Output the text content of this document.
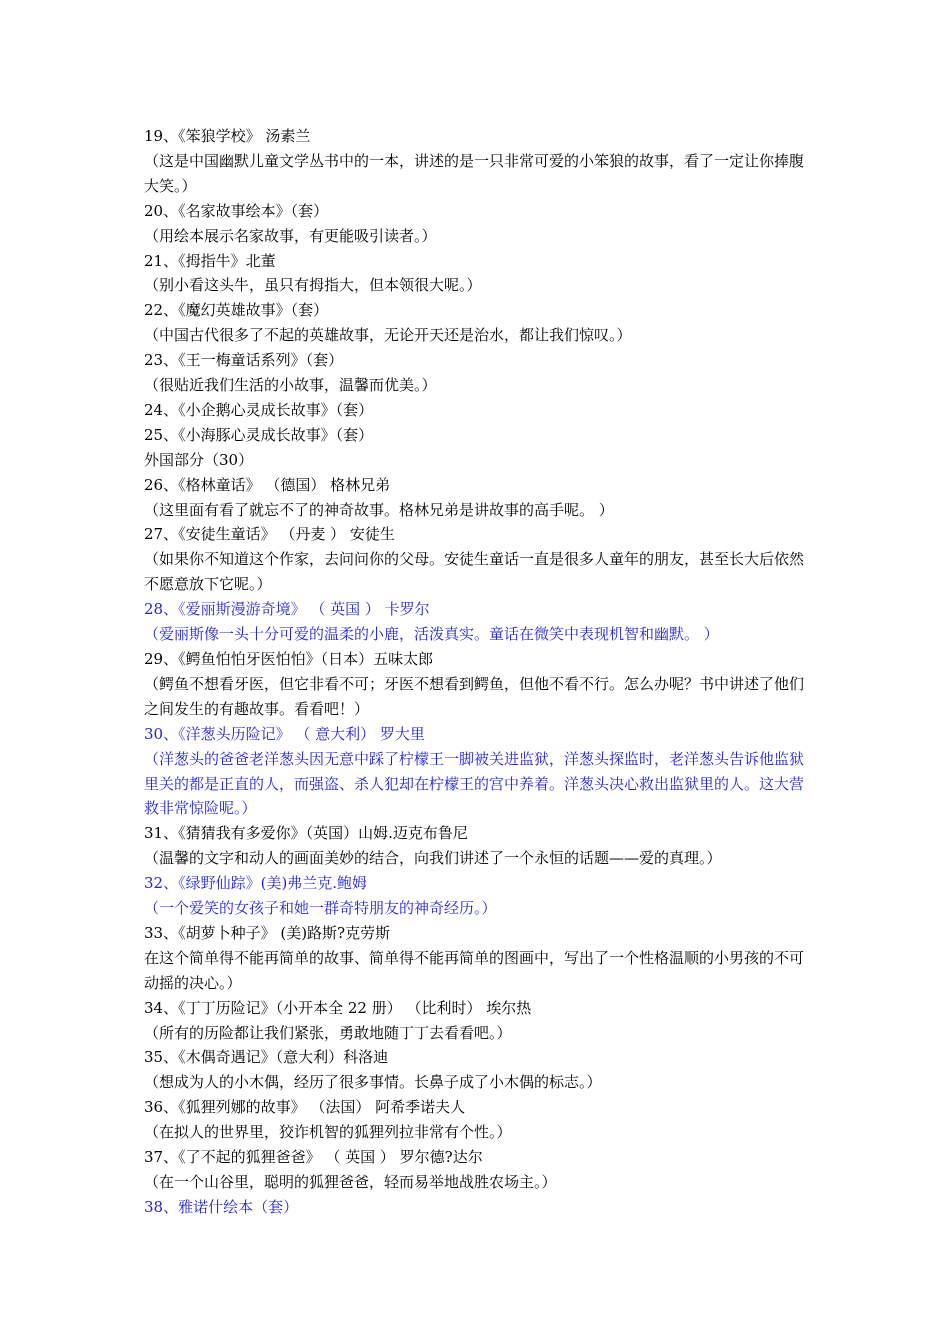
19、《笨狼学校》 汤素兰

（这是中国幽默儿童文学丛书中的一本，讲述的是一只非常可爱的小笨狼的故事，看了一定让你捧腹大笑。）

20、《名家故事绘本》（套）

（用绘本展示名家故事，有更能吸引读者。）

21、《拇指牛》北董

（别小看这头牛，虽只有拇指大，但本领很大呢。）

22、《魔幻英雄故事》（套）

（中国古代很多了不起的英雄故事，无论开天还是治水，都让我们惊叹。）

23、《王一梅童话系列》（套）

（很贴近我们生活的小故事，温馨而优美。）

24、《小企鹅心灵成长故事》（套）

25、《小海豚心灵成长故事》（套）

外国部分（30）

26、《格林童话》 （德国） 格林兄弟

（这里面有看了就忘不了的神奇故事。格林兄弟是讲故事的高手呢。 ）

27、《安徒生童话》 （丹麦 ） 安徒生

（如果你不知道这个作家，去问问你的父母。安徒生童话一直是很多人童年的朋友，甚至长大后依然不愿意放下它呢。）

28、《爱丽斯漫游奇境》 （ 英国 ） 卡罗尔

（爱丽斯像一头十分可爱的温柔的小鹿，活泼真实。童话在微笑中表现机智和幽默。 ）

29、《鳄鱼怕怕牙医怕怕》（日本）五味太郎

（鳄鱼不想看牙医，但它非看不可；牙医不想看到鳄鱼，但他不看不行。怎么办呢？书中讲述了他们之间发生的有趣故事。看看吧！）

30、《洋葱头历险记》 （ 意大利） 罗大里

（洋葱头的爸爸老洋葱头因无意中踩了柠檬王一脚被关进监狱，洋葱头探监时，老洋葱头告诉他监狱里关的都是正直的人，而强盗、杀人犯却在柠檬王的宫中养着。洋葱头决心救出监狱里的人。这大营救非常惊险呢。）

31、《猜猜我有多爱你》（英国）山姆.迈克布鲁尼

（温馨的文字和动人的画面美妙的结合，向我们讲述了一个永恒的话题——爱的真理。）

32、《绿野仙踪》(美)弗兰克.鲍姆

（一个爱笑的女孩子和她一群奇特朋友的神奇经历。）

33、《胡萝卜种子》 (美)路斯?克劳斯

在这个简单得不能再简单的故事、简单得不能再简单的图画中，写出了一个性格温顺的小男孩的不可动摇的决心。）

34、《丁丁历险记》（小开本全 22 册） （比利时） 埃尔热

（所有的历险都让我们紧张，勇敢地随丁丁去看看吧。）

35、《木偶奇遇记》（意大利）科洛迪

（想成为人的小木偶，经历了很多事情。长鼻子成了小木偶的标志。）

36、《狐狸列娜的故事》 （法国） 阿希季诺夫人

（在拟人的世界里，狡诈机智的狐狸列拉非常有个性。）

37、《了不起的狐狸爸爸》 （ 英国 ） 罗尔德?达尔

（在一个山谷里，聪明的狐狸爸爸，轻而易举地战胜农场主。）

38、雅诺什绘本（套）
